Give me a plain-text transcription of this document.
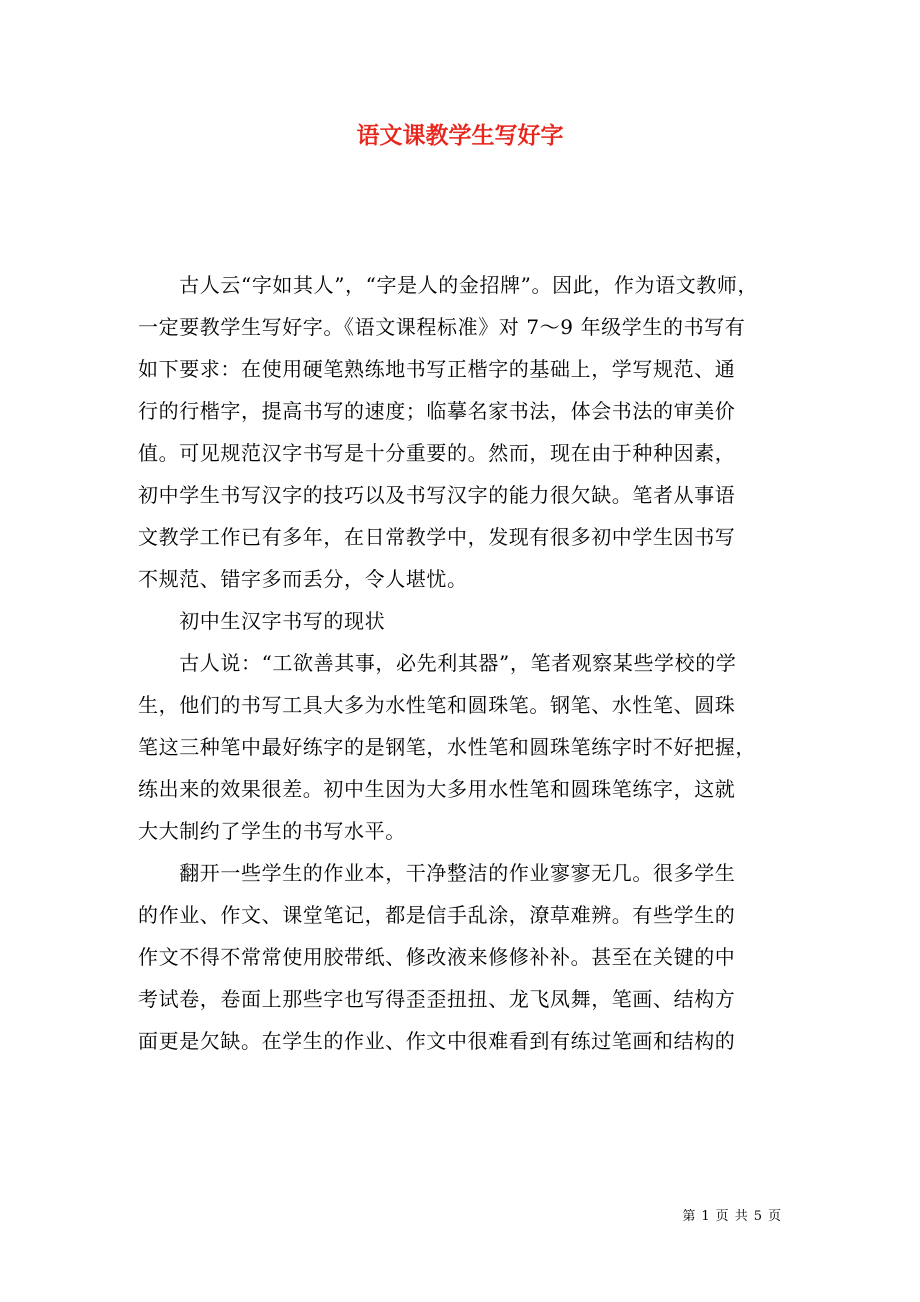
语文课教学生写好字
　　古人云“字如其人”，“字是人的金招牌”。因此，作为语文教师，
一定要教学生写好字。《语文课程标准》对 7～9 年级学生的书写有
如下要求：在使用硬笔熟练地书写正楷字的基础上，学写规范、通
行的行楷字，提高书写的速度；临摹名家书法，体会书法的审美价
值。可见规范汉字书写是十分重要的。然而，现在由于种种因素，
初中学生书写汉字的技巧以及书写汉字的能力很欠缺。笔者从事语
文教学工作已有多年，在日常教学中，发现有很多初中学生因书写
不规范、错字多而丢分，令人堪忧。
　　初中生汉字书写的现状
　　古人说：“工欲善其事，必先利其器”，笔者观察某些学校的学
生，他们的书写工具大多为水性笔和圆珠笔。钢笔、水性笔、圆珠
笔这三种笔中最好练字的是钢笔，水性笔和圆珠笔练字时不好把握，
练出来的效果很差。初中生因为大多用水性笔和圆珠笔练字，这就
大大制约了学生的书写水平。
　　翻开一些学生的作业本，干净整洁的作业寥寥无几。很多学生
的作业、作文、课堂笔记，都是信手乱涂，潦草难辨。有些学生的
作文不得不常常使用胶带纸、修改液来修修补补。甚至在关键的中
考试卷，卷面上那些字也写得歪歪扭扭、龙飞凤舞，笔画、结构方
面更是欠缺。在学生的作业、作文中很难看到有练过笔画和结构的
第 1 页 共 5 页
